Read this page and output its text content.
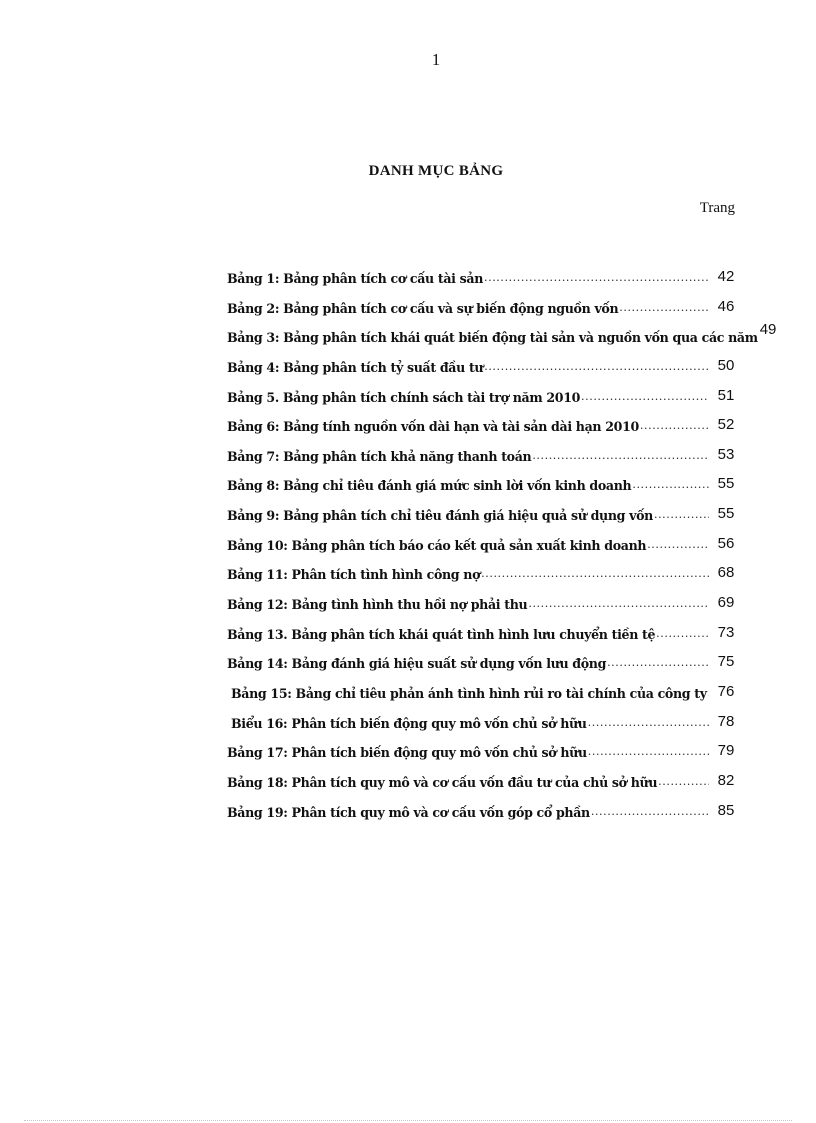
1
DANH MỤC BẢNG
Trang
Bảng 1: Bảng phân tích cơ cấu tài sản .....	42
Bảng 2: Bảng phân tích cơ cấu và sự biến động nguồn vốn .....	46
Bảng 3: Bảng phân tích khái quát biến động tài sản và nguồn vốn qua các năm 49
Bảng 4: Bảng phân tích tỷ suất đầu tư .....	50
Bảng 5. Bảng phân tích chính sách tài trợ năm 2010 .....	51
Bảng 6: Bảng tính nguồn vốn dài hạn và tài sản dài hạn 2010 .....	52
Bảng 7: Bảng phân tích khả năng thanh toán .....	53
Bảng 8: Bảng chỉ tiêu đánh giá mức sinh lời vốn kinh doanh .....	55
Bảng 9: Bảng phân tích chỉ tiêu đánh giá hiệu quả sử dụng vốn .....	55
Bảng 10: Bảng phân tích báo cáo kết quả sản xuất kinh doanh .....	56
Bảng 11: Phân tích tình hình công nợ .....	68
Bảng 12: Bảng tình hình thu hồi nợ phải thu .....	69
Bảng 13. Bảng phân tích khái quát tình hình lưu chuyển tiền tệ .....	73
Bảng 14: Bảng đánh giá hiệu suất sử dụng vốn lưu động .....	75
Bảng 15: Bảng chỉ tiêu phản ánh tình hình rủi ro tài chính của công ty ..... 76
Biểu 16: Phân tích biến động quy mô vốn chủ sở hữu .....	78
Bảng 17: Phân tích biến động quy mô vốn chủ sở hữu .....	79
Bảng 18: Phân tích quy mô và cơ cấu vốn đầu tư của chủ sở hữu .....	82
Bảng 19: Phân tích quy mô và cơ cấu vốn góp cổ phần .....	85
